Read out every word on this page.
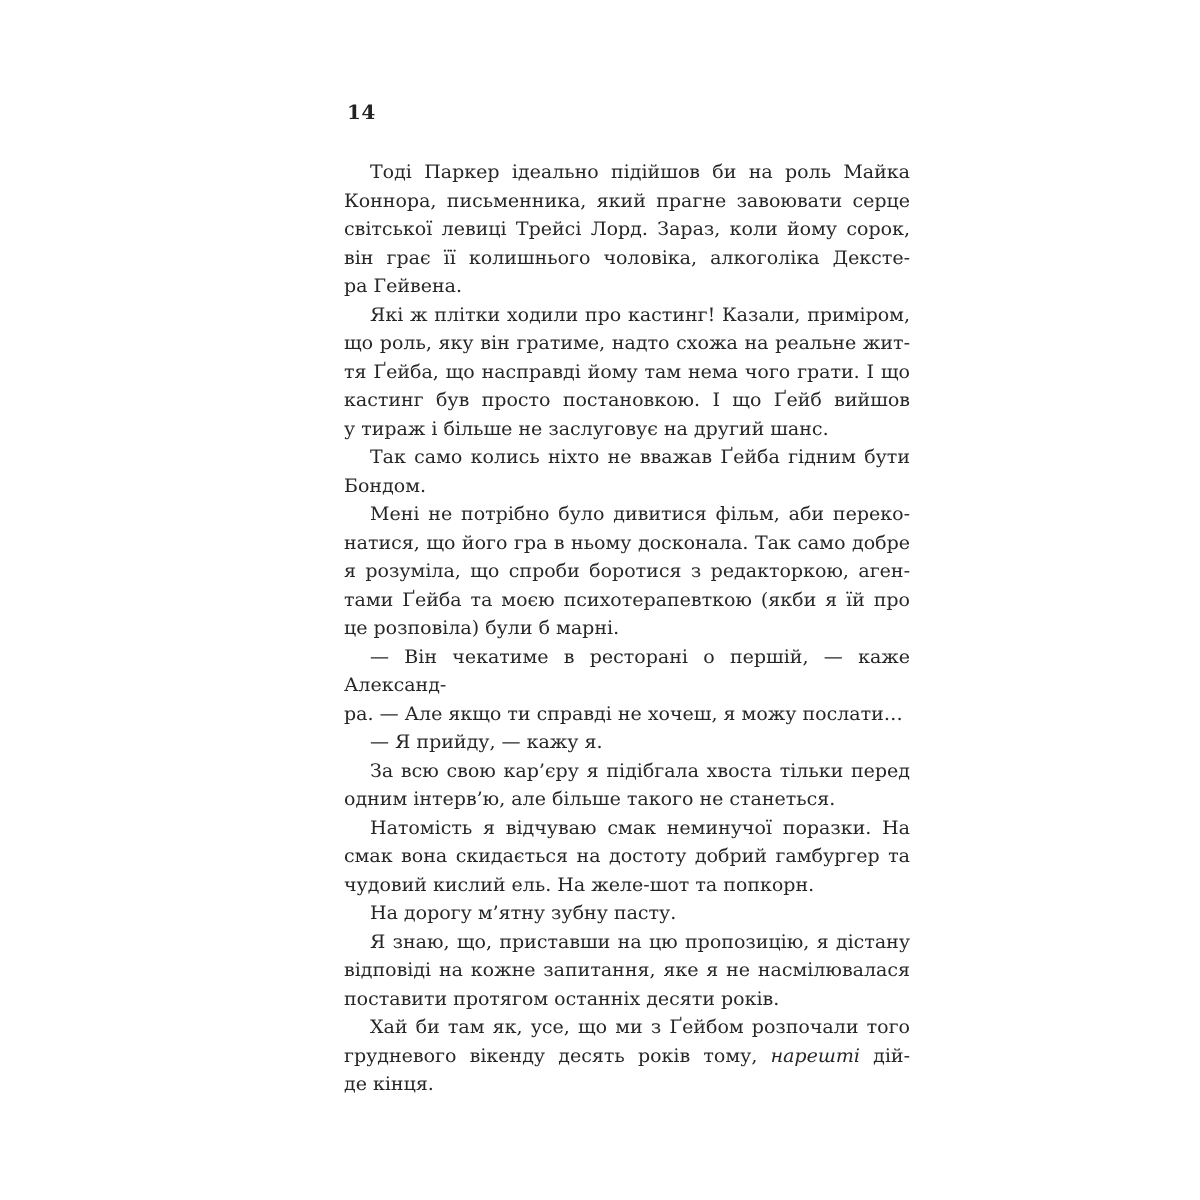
14
Тоді Паркер ідеально підійшов би на роль Майка
Коннора, письменника, який прагне завоювати серце
світської левиці Трейсі Лорд. Зараз, коли йому сорок,
він грає її колишнього чоловіка, алкоголіка Дексте-
ра Гейвена.
Які ж плітки ходили про кастинг! Казали, приміром,
що роль, яку він гратиме, надто схожа на реальне жит-
тя Ґейба, що насправді йому там нема чого грати. І що
кастинг був просто постановкою. І що Ґейб вийшов
у тираж і більше не заслуговує на другий шанс.
Так само колись ніхто не вважав Ґейба гідним бути
Бондом.
Мені не потрібно було дивитися фільм, аби переко-
натися, що його гра в ньому досконала. Так само добре
я розуміла, що спроби боротися з редакторкою, аген-
тами Ґейба та моєю психотерапевткою (якби я їй про
це розповіла) були б марні.
— Він чекатиме в ресторані о першій, — каже Александ-
ра. — Але якщо ти справді не хочеш, я можу послати…
— Я прийду, — кажу я.
За всю свою кар’єру я підібгала хвоста тільки перед
одним інтерв’ю, але більше такого не станеться.
Натомість я відчуваю смак неминучої поразки. На
смак вона скидається на достоту добрий гамбургер та
чудовий кислий ель. На желе-шот та попкорн.
На дорогу м’ятну зубну пасту.
Я знаю, що, приставши на цю пропозицію, я дістану
відповіді на кожне запитання, яке я не насмілювалася
поставити протягом останніх десяти років.
Хай би там як, усе, що ми з Ґейбом розпочали того
грудневого вікенду десять років тому, нарешті дій-
де кінця.
